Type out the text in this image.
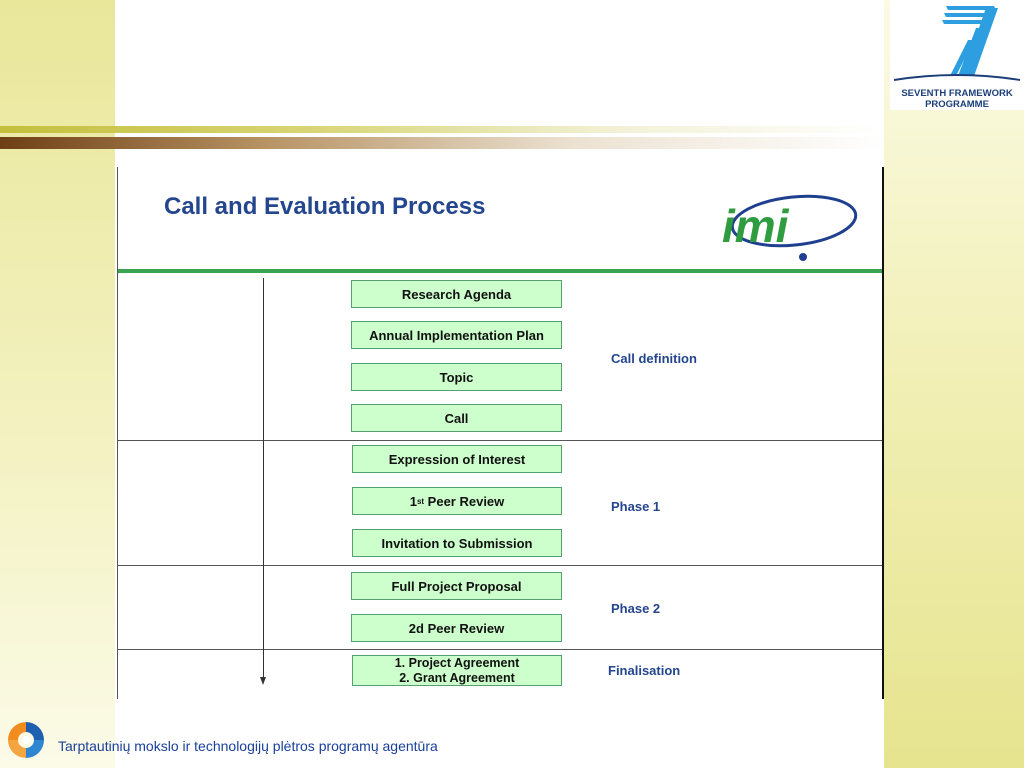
SEVENTH FRAMEWORK
PROGRAMME
Call and Evaluation Process	imi
Research Agenda
Annual Implementation Plan
Topic
Call
Expression of Interest
1 st Peer Review
Invitation to Submission
Full Project Proposal
2d Peer Review
1. Project Agreement
2. Grant Agreement
Call definition
Phase 1
Phase 2
Finalisation
Tarptautinių mokslo ir technologijų plėtros programų agentūra
